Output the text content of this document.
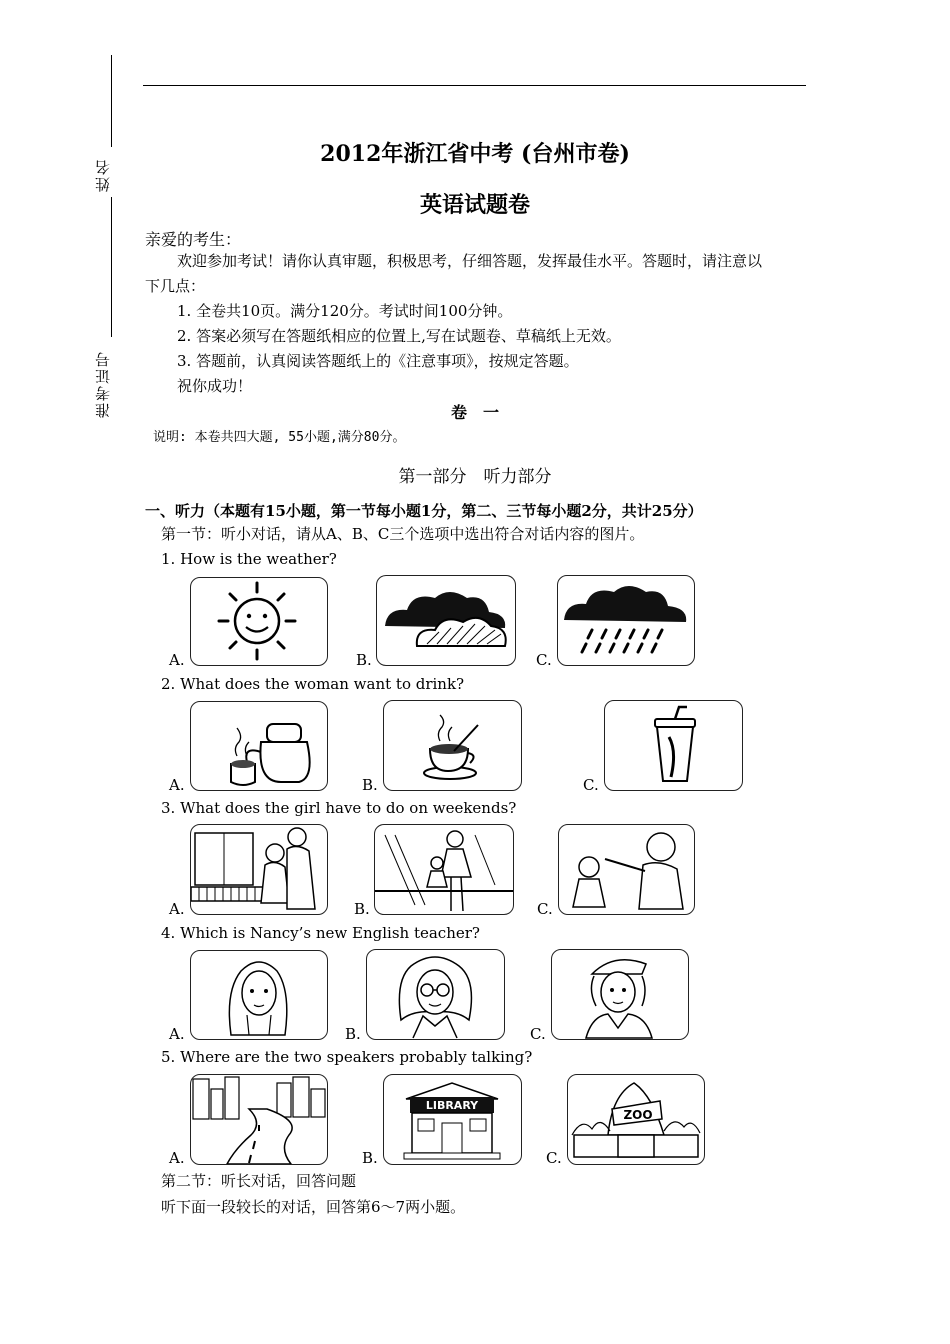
姓名
准考证号
2012年浙江省中考 (台州市卷)
英语试题卷
亲爱的考生：
欢迎参加考试！请你认真审题，积极思考，仔细答题，发挥最佳水平。答题时，请注意以
下几点：
1. 全卷共10页。满分120分。考试时间100分钟。
2. 答案必须写在答题纸相应的位置上,写在试题卷、草稿纸上无效。
3. 答题前，认真阅读答题纸上的《注意事项》，按规定答题。
祝你成功！
卷　一
说明: 本卷共四大题, 55小题,满分80分。
第一部分　听力部分
一、听力（本题有15小题，第一节每小题1分，第二、三节每小题2分，共计25分）
第一节：听小对话，请从A、B、C三个选项中选出符合对话内容的图片。
1. How is the weather?
A.	B.	C.
2. What does the woman want to drink?
A.	B.	C.
3. What does the girl have to do on weekends?
A.	B.	C.
4. Which is Nancy’s new English teacher?
A.	B.	C.
5. Where are the two speakers probably talking?
A.	B.
LIBRARY
C.
ZOO
第二节：听长对话，回答问题
听下面一段较长的对话，回答第6～7两小题。
